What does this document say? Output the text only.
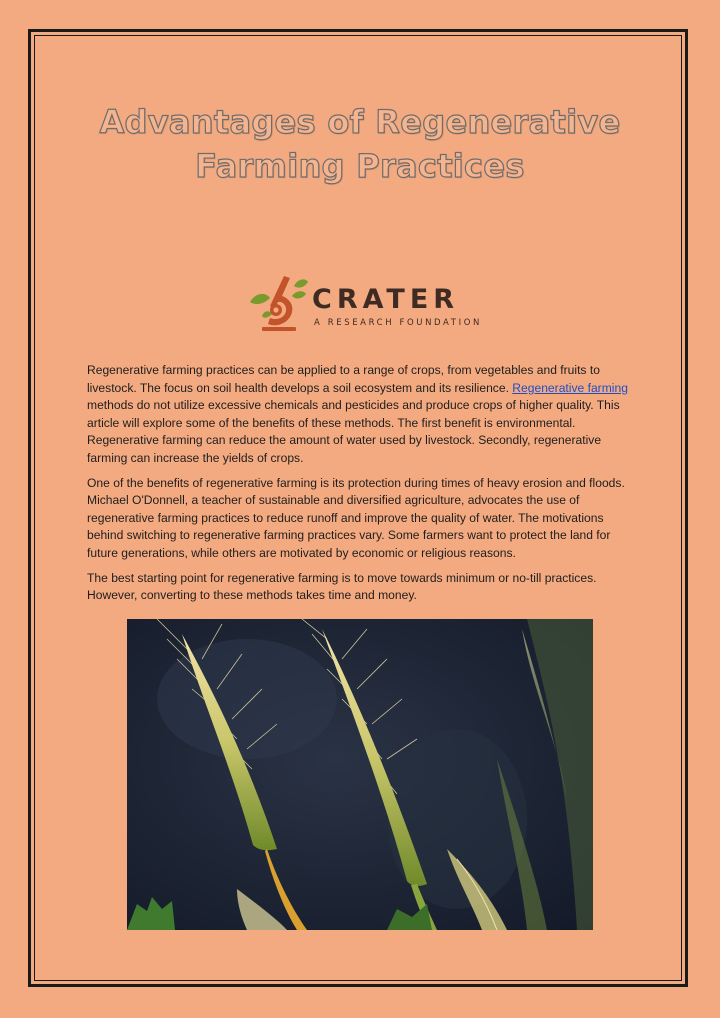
Advantages of Regenerative
Farming Practices
CRATER
A RESEARCH FOUNDATION

Regenerative farming practices can be applied to a range of crops, from vegetables and fruits to livestock. The focus on soil health develops a soil ecosystem and its resilience. Regenerative farming methods do not utilize excessive chemicals and pesticides and produce crops of higher quality. This article will explore some of the benefits of these methods. The first benefit is environmental. Regenerative farming can reduce the amount of water used by livestock. Secondly, regenerative farming can increase the yields of crops.

One of the benefits of regenerative farming is its protection during times of heavy erosion and floods. Michael O'Donnell, a teacher of sustainable and diversified agriculture, advocates the use of regenerative farming practices to reduce runoff and improve the quality of water. The motivations behind switching to regenerative farming practices vary. Some farmers want to protect the land for future generations, while others are motivated by economic or religious reasons.

The best starting point for regenerative farming is to move towards minimum or no-till practices. However, converting to these methods takes time and money.
